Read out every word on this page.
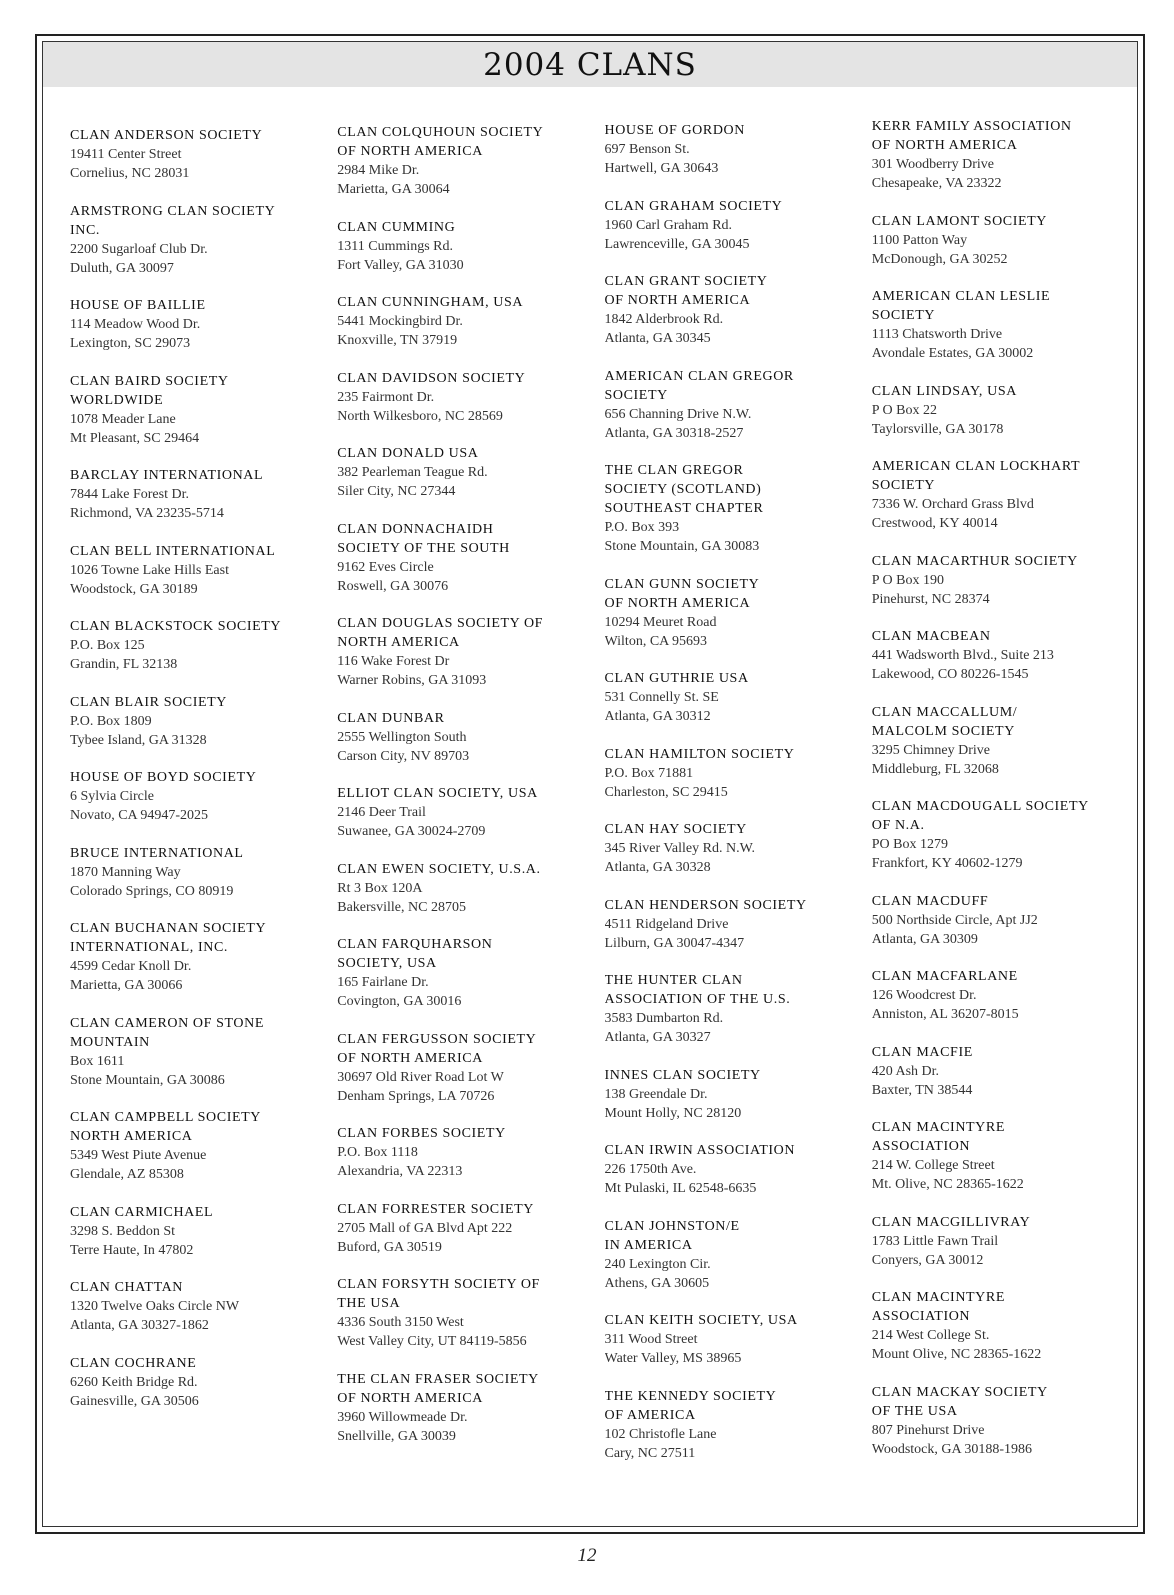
2004 CLANS
CLAN ANDERSON SOCIETY
19411 Center Street
Cornelius, NC 28031
ARMSTRONG CLAN SOCIETY
INC.
2200 Sugarloaf Club Dr.
Duluth, GA 30097
HOUSE OF BAILLIE
114 Meadow Wood Dr.
Lexington, SC 29073
CLAN BAIRD SOCIETY
WORLDWIDE
1078 Meader Lane
Mt Pleasant, SC 29464
BARCLAY INTERNATIONAL
7844 Lake Forest Dr.
Richmond, VA 23235-5714
CLAN BELL INTERNATIONAL
1026 Towne Lake Hills East
Woodstock, GA 30189
CLAN BLACKSTOCK SOCIETY
P.O. Box 125
Grandin, FL 32138
CLAN BLAIR SOCIETY
P.O. Box 1809
Tybee Island, GA 31328
HOUSE OF BOYD SOCIETY
6 Sylvia Circle
Novato, CA 94947-2025
BRUCE INTERNATIONAL
1870 Manning Way
Colorado Springs, CO 80919
CLAN BUCHANAN SOCIETY
INTERNATIONAL, INC.
4599 Cedar Knoll Dr.
Marietta, GA 30066
CLAN CAMERON OF STONE
MOUNTAIN
Box 1611
Stone Mountain, GA 30086
CLAN CAMPBELL SOCIETY
NORTH AMERICA
5349 West Piute Avenue
Glendale, AZ 85308
CLAN CARMICHAEL
3298 S. Beddon St
Terre Haute, In 47802
CLAN CHATTAN
1320 Twelve Oaks Circle NW
Atlanta, GA 30327-1862
CLAN COCHRANE
6260 Keith Bridge Rd.
Gainesville, GA 30506
CLAN COLQUHOUN SOCIETY
OF NORTH AMERICA
2984 Mike Dr.
Marietta, GA 30064
CLAN CUMMING
1311 Cummings Rd.
Fort Valley, GA 31030
CLAN CUNNINGHAM, USA
5441 Mockingbird Dr.
Knoxville, TN 37919
CLAN DAVIDSON SOCIETY
235 Fairmont Dr.
North Wilkesboro, NC 28569
CLAN DONALD USA
382 Pearleman Teague Rd.
Siler City, NC 27344
CLAN DONNACHAIDH
SOCIETY OF THE SOUTH
9162 Eves Circle
Roswell, GA 30076
CLAN DOUGLAS SOCIETY OF
NORTH AMERICA
116 Wake Forest Dr
Warner Robins, GA 31093
CLAN DUNBAR
2555 Wellington South
Carson City, NV 89703
ELLIOT CLAN SOCIETY, USA
2146 Deer Trail
Suwanee, GA 30024-2709
CLAN EWEN SOCIETY, U.S.A.
Rt 3 Box 120A
Bakersville, NC 28705
CLAN FARQUHARSON
SOCIETY, USA
165 Fairlane Dr.
Covington, GA 30016
CLAN FERGUSSON SOCIETY
OF NORTH AMERICA
30697 Old River Road Lot W
Denham Springs, LA 70726
CLAN FORBES SOCIETY
P.O. Box 1118
Alexandria, VA 22313
CLAN FORRESTER SOCIETY
2705 Mall of GA Blvd Apt 222
Buford, GA 30519
CLAN FORSYTH SOCIETY OF
THE USA
4336 South 3150 West
West Valley City, UT 84119-5856
THE CLAN FRASER SOCIETY
OF NORTH AMERICA
3960 Willowmeade Dr.
Snellville, GA 30039
HOUSE OF GORDON
697 Benson St.
Hartwell, GA 30643
CLAN GRAHAM SOCIETY
1960 Carl Graham Rd.
Lawrenceville, GA 30045
CLAN GRANT SOCIETY
OF NORTH AMERICA
1842 Alderbrook Rd.
Atlanta, GA 30345
AMERICAN CLAN GREGOR
SOCIETY
656 Channing Drive N.W.
Atlanta, GA 30318-2527
THE CLAN GREGOR
SOCIETY (SCOTLAND)
SOUTHEAST CHAPTER
P.O. Box 393
Stone Mountain, GA 30083
CLAN GUNN SOCIETY
OF NORTH AMERICA
10294 Meuret Road
Wilton, CA 95693
CLAN GUTHRIE USA
531 Connelly St. SE
Atlanta, GA 30312
CLAN HAMILTON SOCIETY
P.O. Box 71881
Charleston, SC 29415
CLAN HAY SOCIETY
345 River Valley Rd. N.W.
Atlanta, GA 30328
CLAN HENDERSON SOCIETY
4511 Ridgeland Drive
Lilburn, GA 30047-4347
THE HUNTER CLAN
ASSOCIATION OF THE U.S.
3583 Dumbarton Rd.
Atlanta, GA 30327
INNES CLAN SOCIETY
138 Greendale Dr.
Mount Holly, NC 28120
CLAN IRWIN ASSOCIATION
226 1750th Ave.
Mt Pulaski, IL 62548-6635
CLAN JOHNSTON/E
IN AMERICA
240 Lexington Cir.
Athens, GA 30605
CLAN KEITH SOCIETY, USA
311 Wood Street
Water Valley, MS 38965
THE KENNEDY SOCIETY
OF AMERICA
102 Christofle Lane
Cary, NC 27511
KERR FAMILY ASSOCIATION
OF NORTH AMERICA
301 Woodberry Drive
Chesapeake, VA 23322
CLAN LAMONT SOCIETY
1100 Patton Way
McDonough, GA 30252
AMERICAN CLAN LESLIE
SOCIETY
1113 Chatsworth Drive
Avondale Estates, GA 30002
CLAN LINDSAY, USA
P O Box 22
Taylorsville, GA 30178
AMERICAN CLAN LOCKHART
SOCIETY
7336 W. Orchard Grass Blvd
Crestwood, KY 40014
CLAN MACARTHUR SOCIETY
P O Box 190
Pinehurst, NC 28374
CLAN MACBEAN
441 Wadsworth Blvd., Suite 213
Lakewood, CO 80226-1545
CLAN MACCALLUM/
MALCOLM SOCIETY
3295 Chimney Drive
Middleburg, FL 32068
CLAN MACDOUGALL SOCIETY
OF N.A.
PO Box 1279
Frankfort, KY 40602-1279
CLAN MACDUFF
500 Northside Circle, Apt JJ2
Atlanta, GA 30309
CLAN MACFARLANE
126 Woodcrest Dr.
Anniston, AL 36207-8015
CLAN MACFIE
420 Ash Dr.
Baxter, TN 38544
CLAN MACINTYRE
ASSOCIATION
214 W. College Street
Mt. Olive, NC 28365-1622
CLAN MACGILLIVRAY
1783 Little Fawn Trail
Conyers, GA 30012
CLAN MACINTYRE
ASSOCIATION
214 West College St.
Mount Olive, NC 28365-1622
CLAN MACKAY SOCIETY
OF THE USA
807 Pinehurst Drive
Woodstock, GA 30188-1986
12
